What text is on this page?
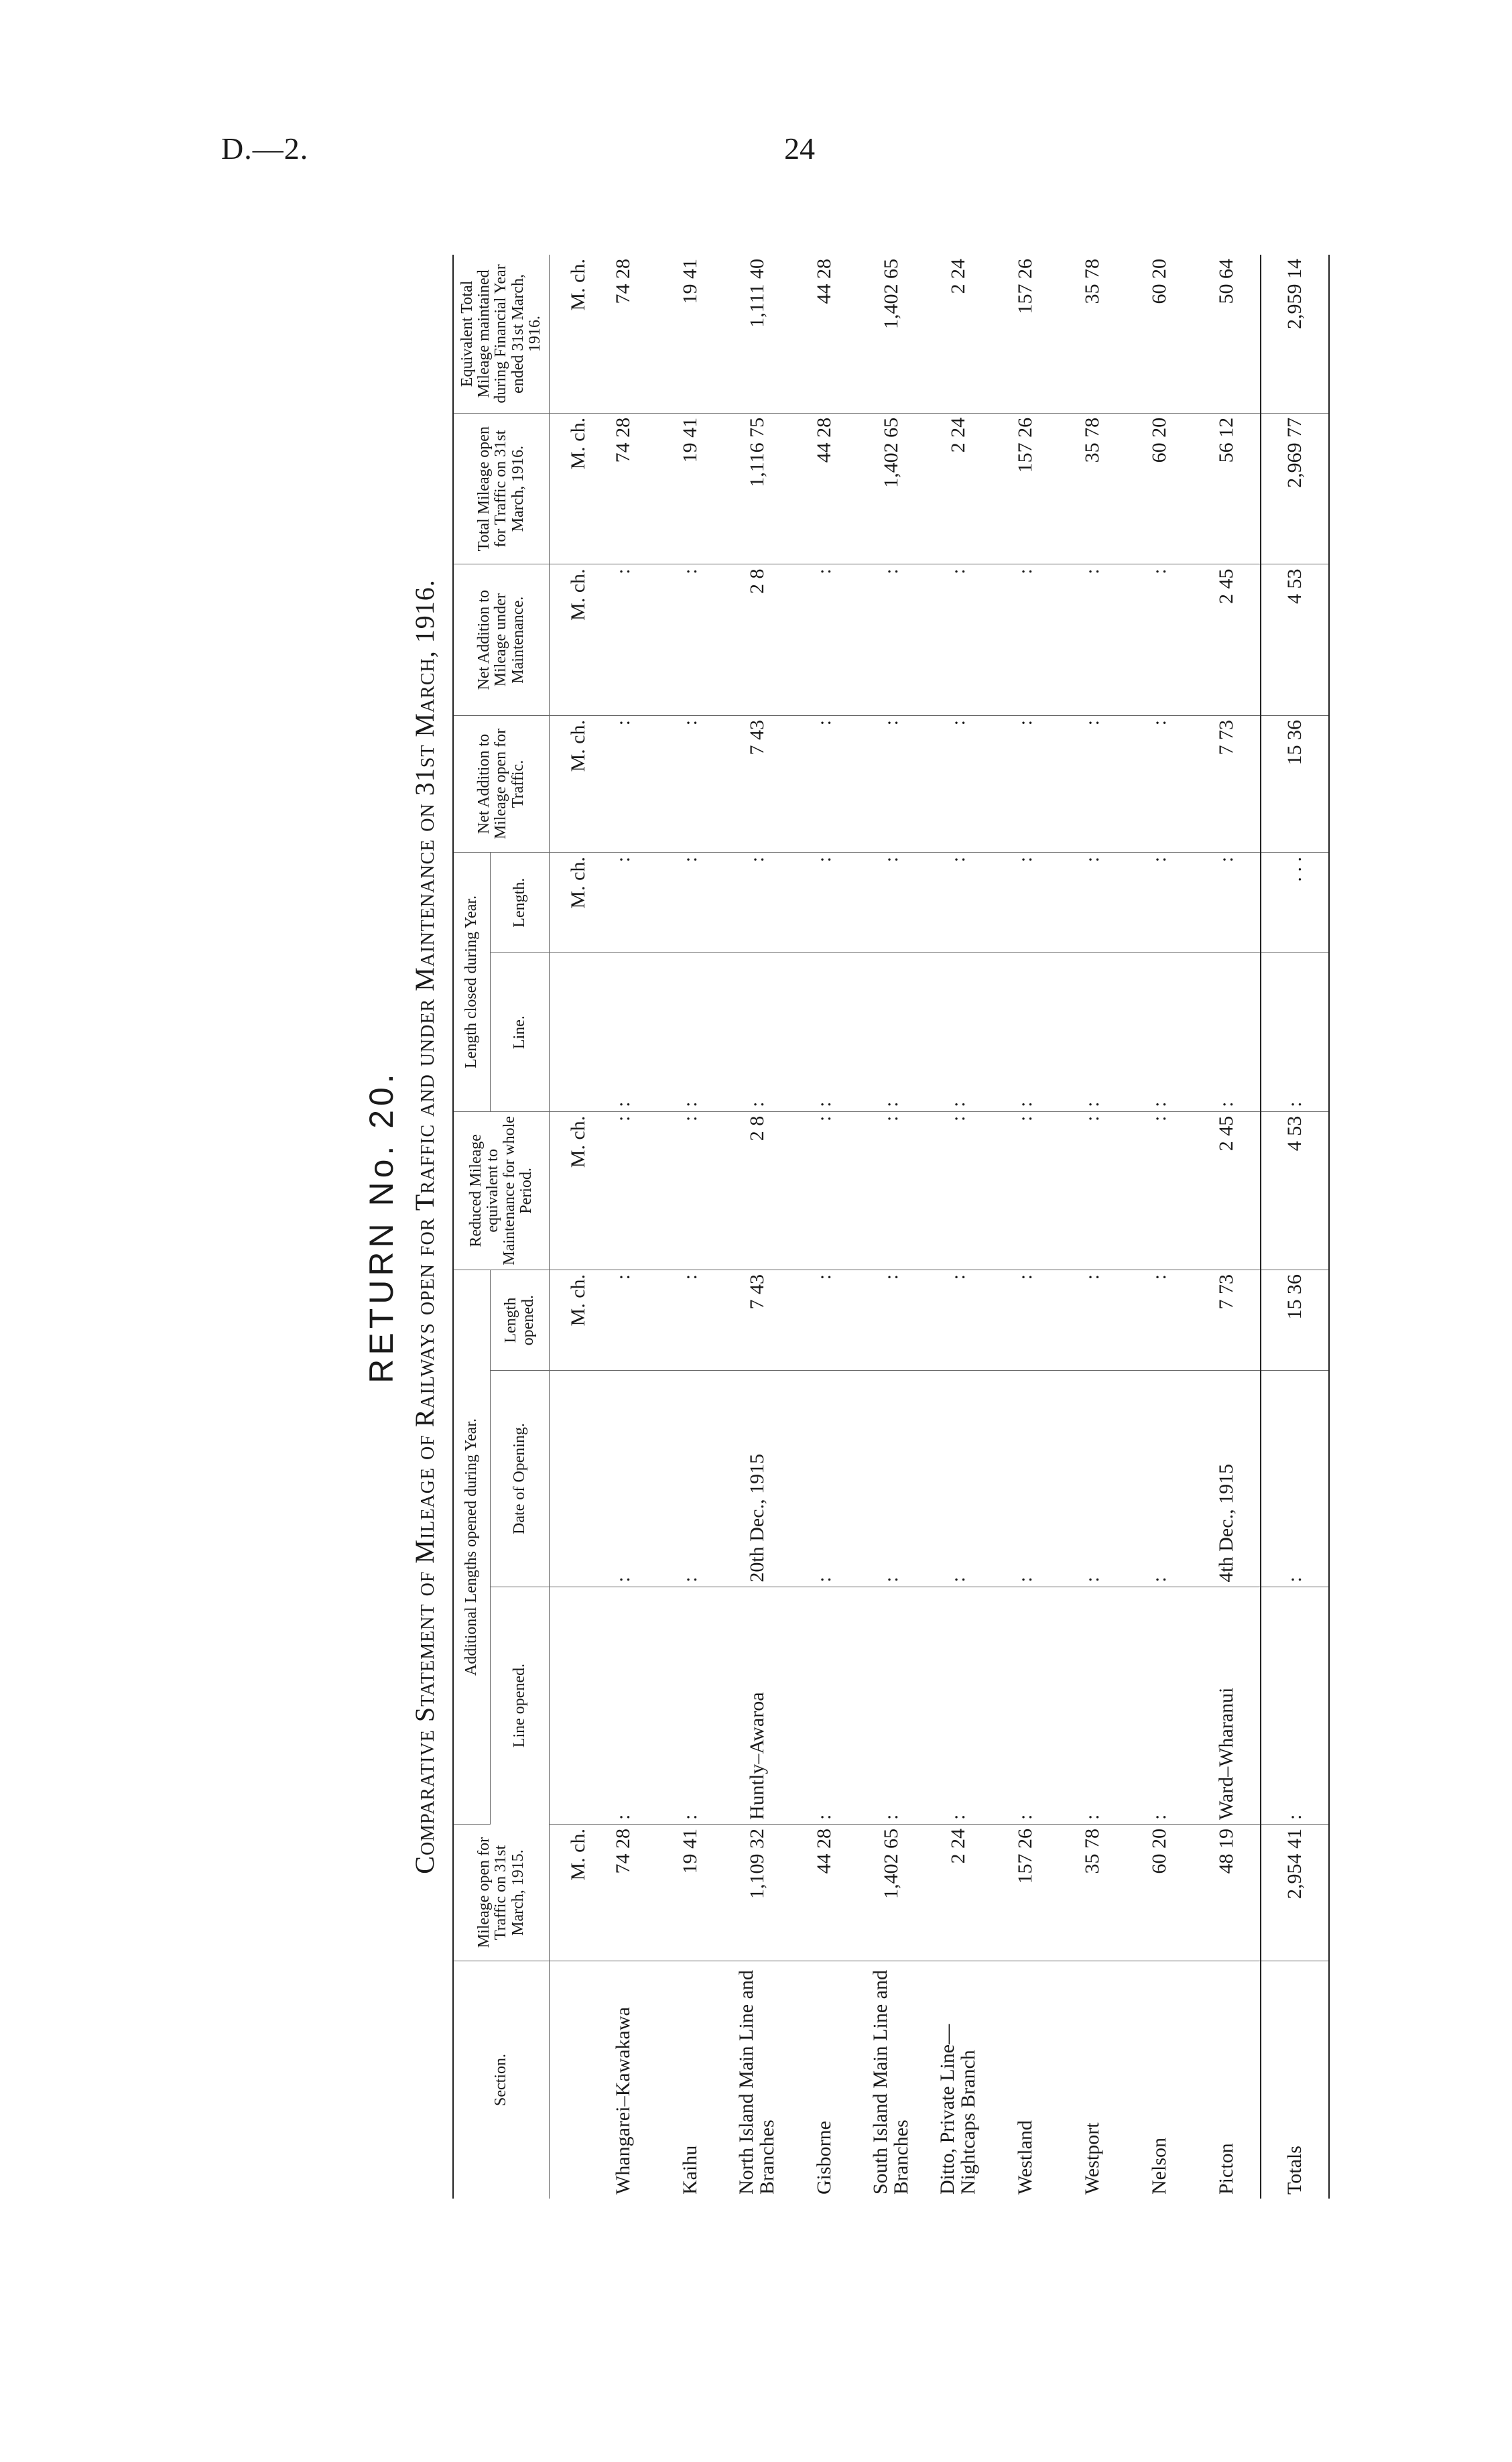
D.—2.	24
RETURN No. 20. Comparative Statement of Mileage of Railways open for Traffic and under Maintenance on 31st March, 1916.
Section.	Mileage open for Traffic on 31st March, 1915.	Additional Lengths opened during Year.			Reduced Mileage equivalent to Maintenance for whole Period.	Length closed during Year.		Net Addition to Mileage open for Traffic.	Net Addition to Mileage under Maintenance.	Total Mileage open for Traffic on 31st March, 1916.	Equivalent Total Mileage maintained during Financial Year ended 31st March, 1916.
		Line opened.	Date of Opening.	Length opened.		Line.	Length.				
	M. ch.			M. ch.	M. ch.		M. ch.	M. ch.	M. ch.	M. ch.	M. ch.
Whangarei–Kawakawa	74 28	:	:	:	:	:	:	:	:	74 28	74 28
Kaihu	19 41	:	:	:	:	:	:	:	:	19 41	19 41
North Island Main Line and Branches	1,109 32	Huntly–Awaroa	20th Dec., 1915	7 43	2 8	:	:	7 43	2 8	1,116 75	1,111 40
Gisborne	44 28	:	:	:	:	:	:	:	:	44 28	44 28
South Island Main Line and Branches	1,402 65	:	:	:	:	:	:	:	:	1,402 65	1,402 65
Ditto, Private Line—Nightcaps Branch	2 24	:	:	:	:	:	:	:	:	2 24	2 24
Westland	157 26	:	:	:	:	:	:	:	:	157 26	157 26
Westport	35 78	:	:	:	:	:	:	:	:	35 78	35 78
Nelson	60 20	:	:	:	:	:	:	:	:	60 20	60 20
Picton	48 19	Ward–Wharanui	4th Dec., 1915	7 73	2 45	:	:	7 73	2 45	56 12	50 64
Totals	2,954 41	:	:	15 36	4 53	:	. . .	15 36	4 53	2,969 77	2,959 14
